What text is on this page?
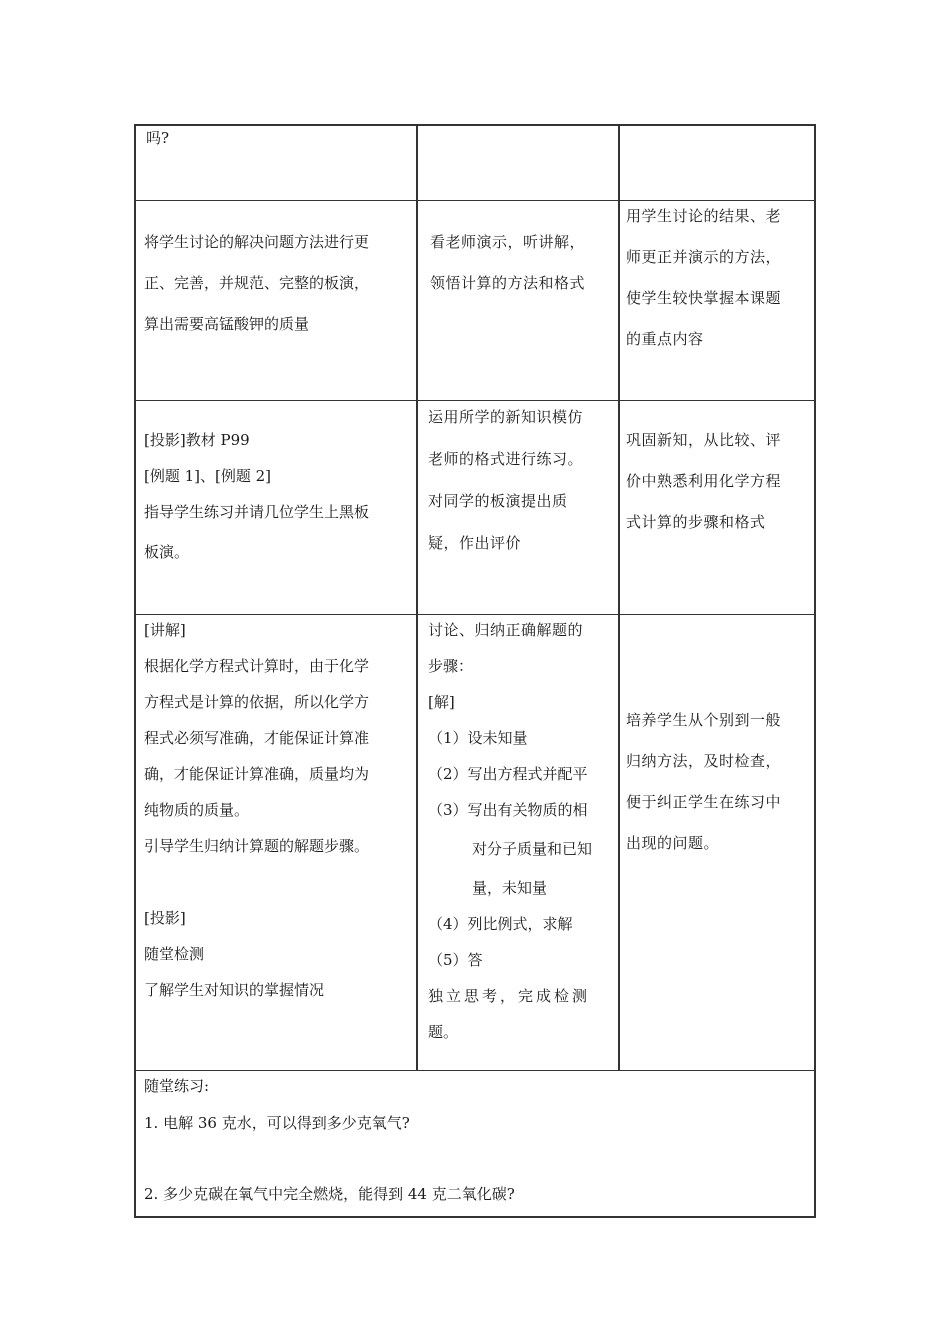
吗?

将学生讨论的解决问题方法进行更

正、完善，并规范、完整的板演，

算出需要高锰酸钾的质量

看老师演示，听讲解，

领悟计算的方法和格式

用学生讨论的结果、老

师更正并演示的方法，

使学生较快掌握本课题

的重点内容

[投影]教材 P99

[例题 1]、[例题 2]

指导学生练习并请几位学生上黑板

板演。

运用所学的新知识模仿

老师的格式进行练习。

对同学的板演提出质

疑，作出评价

巩固新知，从比较、评

价中熟悉利用化学方程

式计算的步骤和格式

[讲解]

根据化学方程式计算时，由于化学

方程式是计算的依据，所以化学方

程式必须写准确，才能保证计算准

确，才能保证计算准确，质量均为

纯物质的质量。

引导学生归纳计算题的解题步骤。

[投影]

随堂检测

了解学生对知识的掌握情况

讨论、归纳正确解题的

步骤：

[解]

（1）设未知量

（2）写出方程式并配平

（3）写出有关物质的相

对分子质量和已知

量，未知量

（4）列比例式，求解

（5）答

独立思考，完成检测

题。

培养学生从个别到一般

归纳方法，及时检查，

便于纠正学生在练习中

出现的问题。

随堂练习:

1. 电解 36 克水，可以得到多少克氧气?

2. 多少克碳在氧气中完全燃烧，能得到 44 克二氧化碳?
